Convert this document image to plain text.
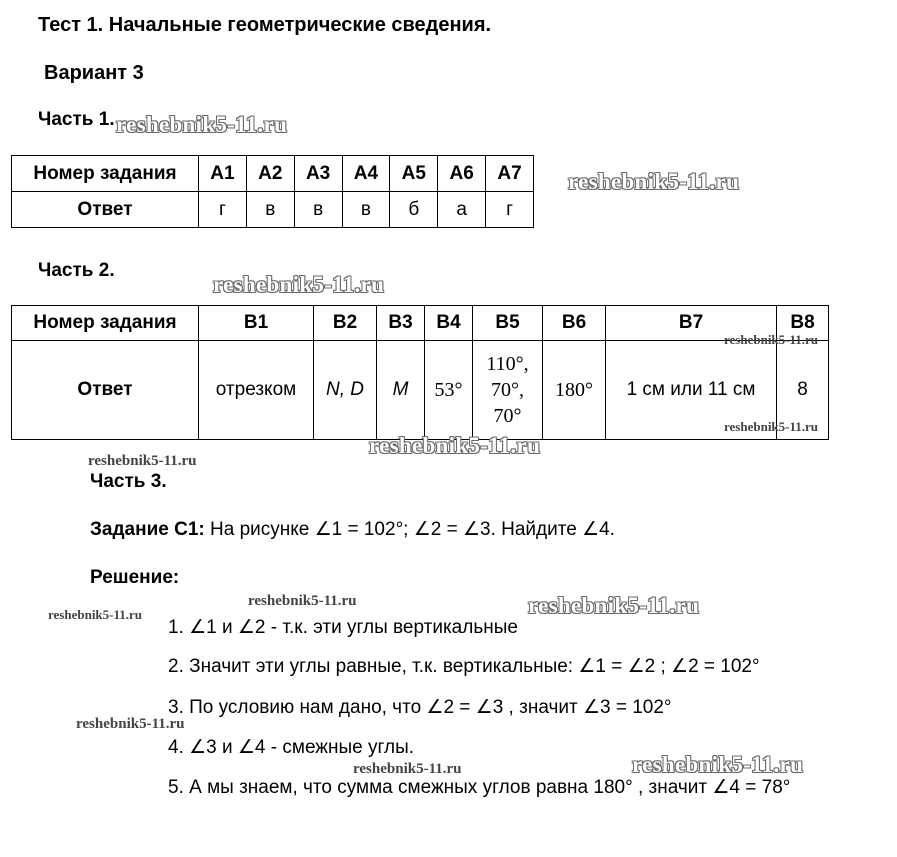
Тест 1. Начальные геометрические сведения.
Вариант 3
Часть 1.
Номер задания	А1	А2	А3	А4	А5	А6	А7
Ответ	г	в	в	в	б	а	г
Часть 2.
Номер задания	В1	В2	В3	В4	В5	В6	В7	В8
Ответ	отрезком	N, D	M	53°	110°,
70°,
70°	180°	1 см или 11 см	8
Часть 3.
Задание С1: На рисунке ∠1 = 102°; ∠2 = ∠3. Найдите ∠4.
Решение:
1. ∠1 и ∠2 - т.к. эти углы вертикальные
2. Значит эти углы равные, т.к. вертикальные: ∠1 = ∠2 ; ∠2 = 102°
3. По условию нам дано, что ∠2 = ∠3 , значит ∠3 = 102°
4. ∠3 и ∠4 - смежные углы.
5. А мы знаем, что сумма смежных углов равна 180° , значит ∠4 = 78°
reshebnik5-11.ru
reshebnik5-11.ru
reshebnik5-11.ru
reshebnik5-11.ru
reshebnik5-11.ru
reshebnik5-11.ru
reshebnik5-11.ru
reshebnik5-11.ru	reshebnik5-11.ru
reshebnik5-11.ru
reshebnik5-11.ru
reshebnik5-11.ru
reshebnik5-11.ru
